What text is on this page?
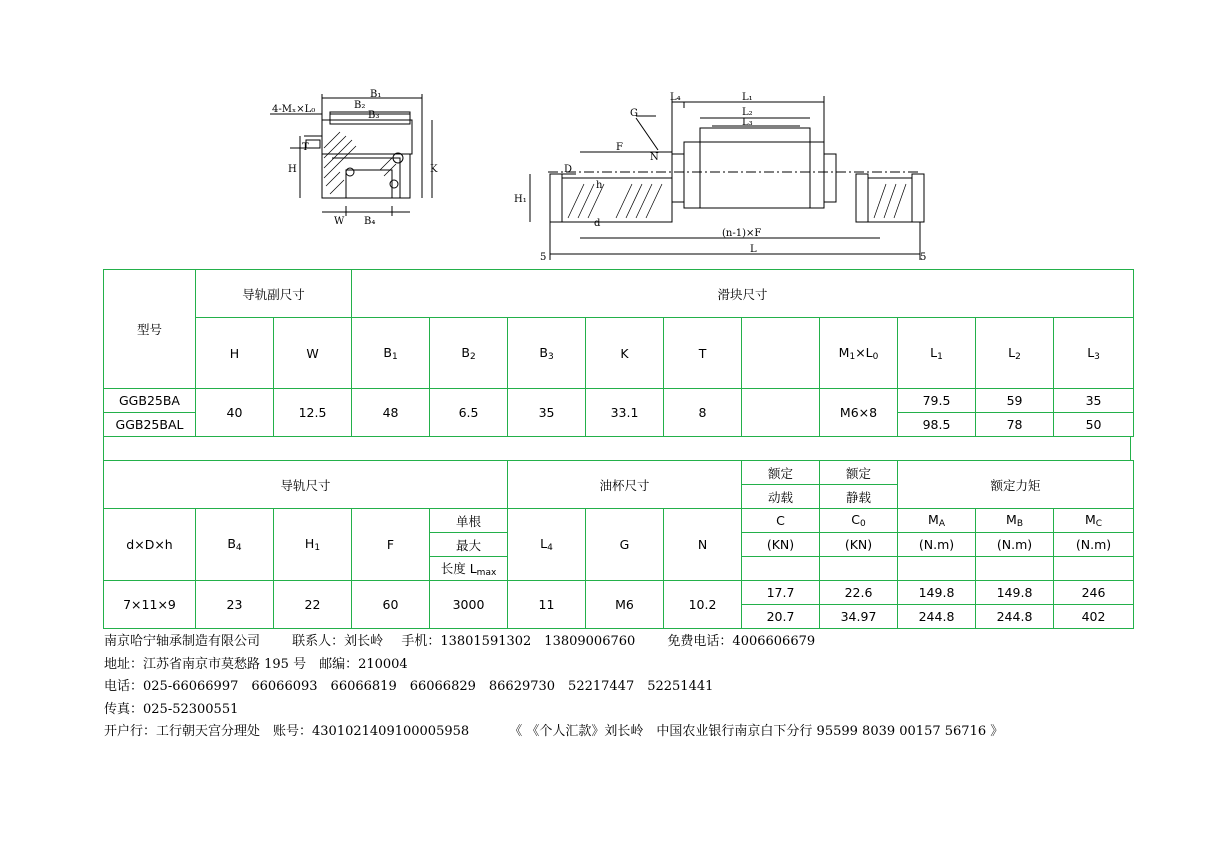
B₁
B₂
B₃
4-Mₓ×L₀
H
T
K
W B₄
L₄	L₁
L₂
L₃
G
F
N
D
h
H₁
d
(n-1)×F
L
5	5
型号	导轨副尺寸		滑块尺寸									
	H	W	$B_1$	$B_2$	$B_3$	K	T		$M_1\times L_0$	$L_1$	$L_2$	$L_3$
GGB25BA	40	12.5	48	6.5	35	33.1	8		M6×8	79.5	59	35
GGB25BAL										98.5	78	50
导轨尺寸					油杯尺寸			额定	额定	额定力矩		
								动载	静载			
d×D×h	$B_4$	$H_1$	F	单根	$L_4$	G	N	C	$C_0$	$M_A$	$M_B$	$M_C$
				最大				(KN)	(KN)	(N.m)	(N.m)	(N.m)
				长度 $L_{max}$					
7×11×9	23	22	60	3000	11	M6	10.2	17.7	22.6	149.8	149.8	246
								20.7	34.97	244.8	244.8	402
南京哈宁轴承制造有限公司 联系人：刘长岭 手机：13801591302　13809006760 免费电话：4006606679
地址：江苏省南京市莫愁路 195 号　邮编：210004
电话：025-66066997　66066093　66066819　66066829　86629730　52217447　52251441
传真：025-52300551
开户行：工行朝天宫分理处　账号：4301021409100005958	《 《个人汇款》刘长岭　中国农业银行南京白下分行 95599 8039 00157 56716 》
